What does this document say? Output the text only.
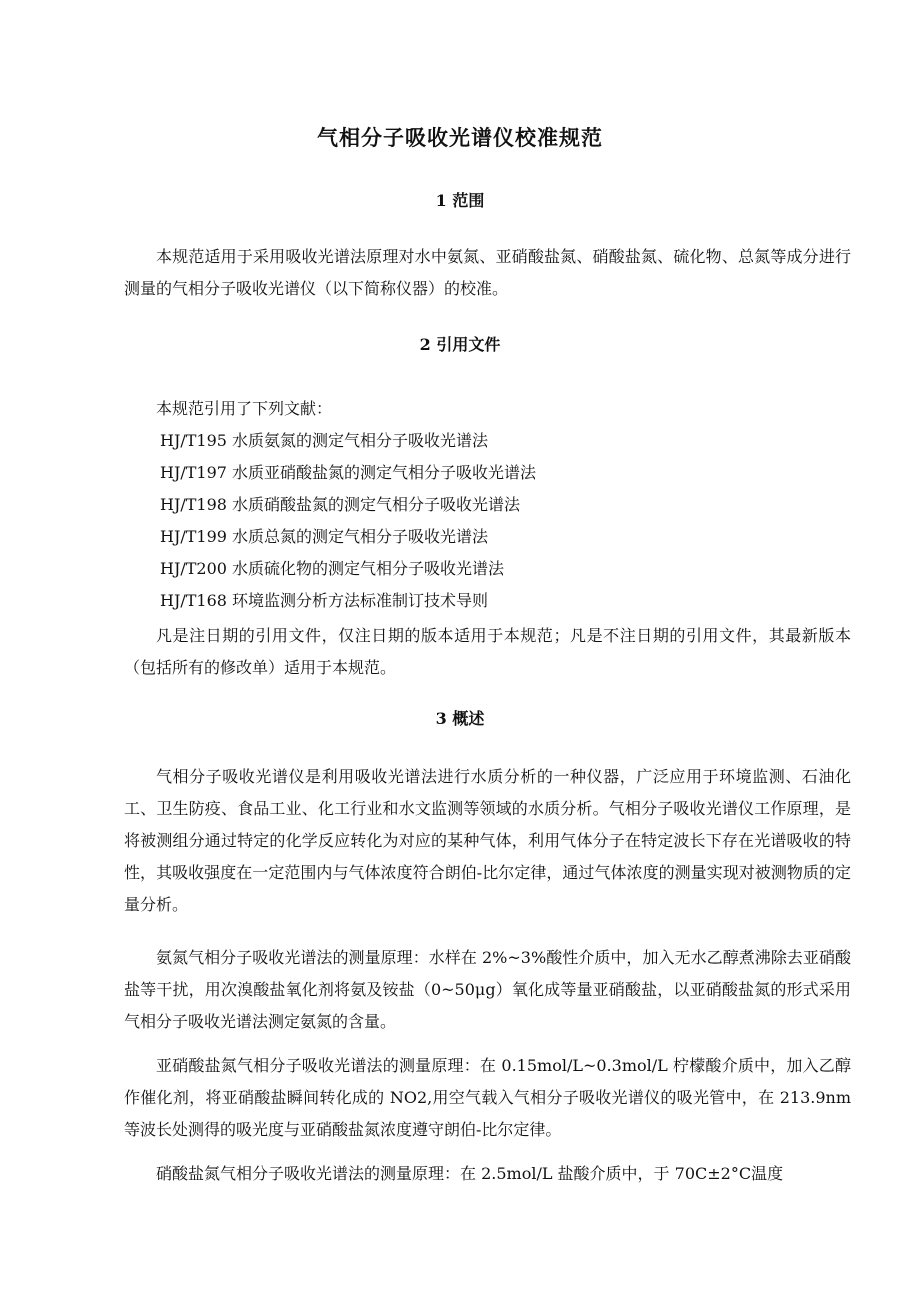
气相分子吸收光谱仪校准规范
1 范围

本规范适用于采用吸收光谱法原理对水中氨氮、亚硝酸盐氮、硝酸盐氮、硫化物、总氮等成分进行测量的气相分子吸收光谱仪（以下简称仪器）的校准。

2 引用文件

本规范引用了下列文献：

HJ/T195 水质氨氮的测定气相分子吸收光谱法
HJ/T197 水质亚硝酸盐氮的测定气相分子吸收光谱法
HJ/T198 水质硝酸盐氮的测定气相分子吸收光谱法
HJ/T199 水质总氮的测定气相分子吸收光谱法
HJ/T200 水质硫化物的测定气相分子吸收光谱法
HJ/T168 环境监测分析方法标准制订技术导则

凡是注日期的引用文件，仅注日期的版本适用于本规范；凡是不注日期的引用文件，其最新版本（包括所有的修改单）适用于本规范。

3 概述

气相分子吸收光谱仪是利用吸收光谱法进行水质分析的一种仪器，广泛应用于环境监测、石油化工、卫生防疫、食品工业、化工行业和水文监测等领域的水质分析。气相分子吸收光谱仪工作原理，是将被测组分通过特定的化学反应转化为对应的某种气体，利用气体分子在特定波长下存在光谱吸收的特性，其吸收强度在一定范围内与气体浓度符合朗伯-比尔定律，通过气体浓度的测量实现对被测物质的定量分析。

氨氮气相分子吸收光谱法的测量原理：水样在 2%~3%酸性介质中，加入无水乙醇煮沸除去亚硝酸盐等干扰，用次溴酸盐氧化剂将氨及铵盐（0~50μg）氧化成等量亚硝酸盐，以亚硝酸盐氮的形式采用气相分子吸收光谱法测定氨氮的含量。

亚硝酸盐氮气相分子吸收光谱法的测量原理：在 0.15mol/L~0.3mol/L 柠檬酸介质中，加入乙醇作催化剂，将亚硝酸盐瞬间转化成的 NO2,用空气载入气相分子吸收光谱仪的吸光管中，在 213.9nm 等波长处测得的吸光度与亚硝酸盐氮浓度遵守朗伯-比尔定律。

硝酸盐氮气相分子吸收光谱法的测量原理：在 2.5mol/L 盐酸介质中，于 70C±2°C温度
